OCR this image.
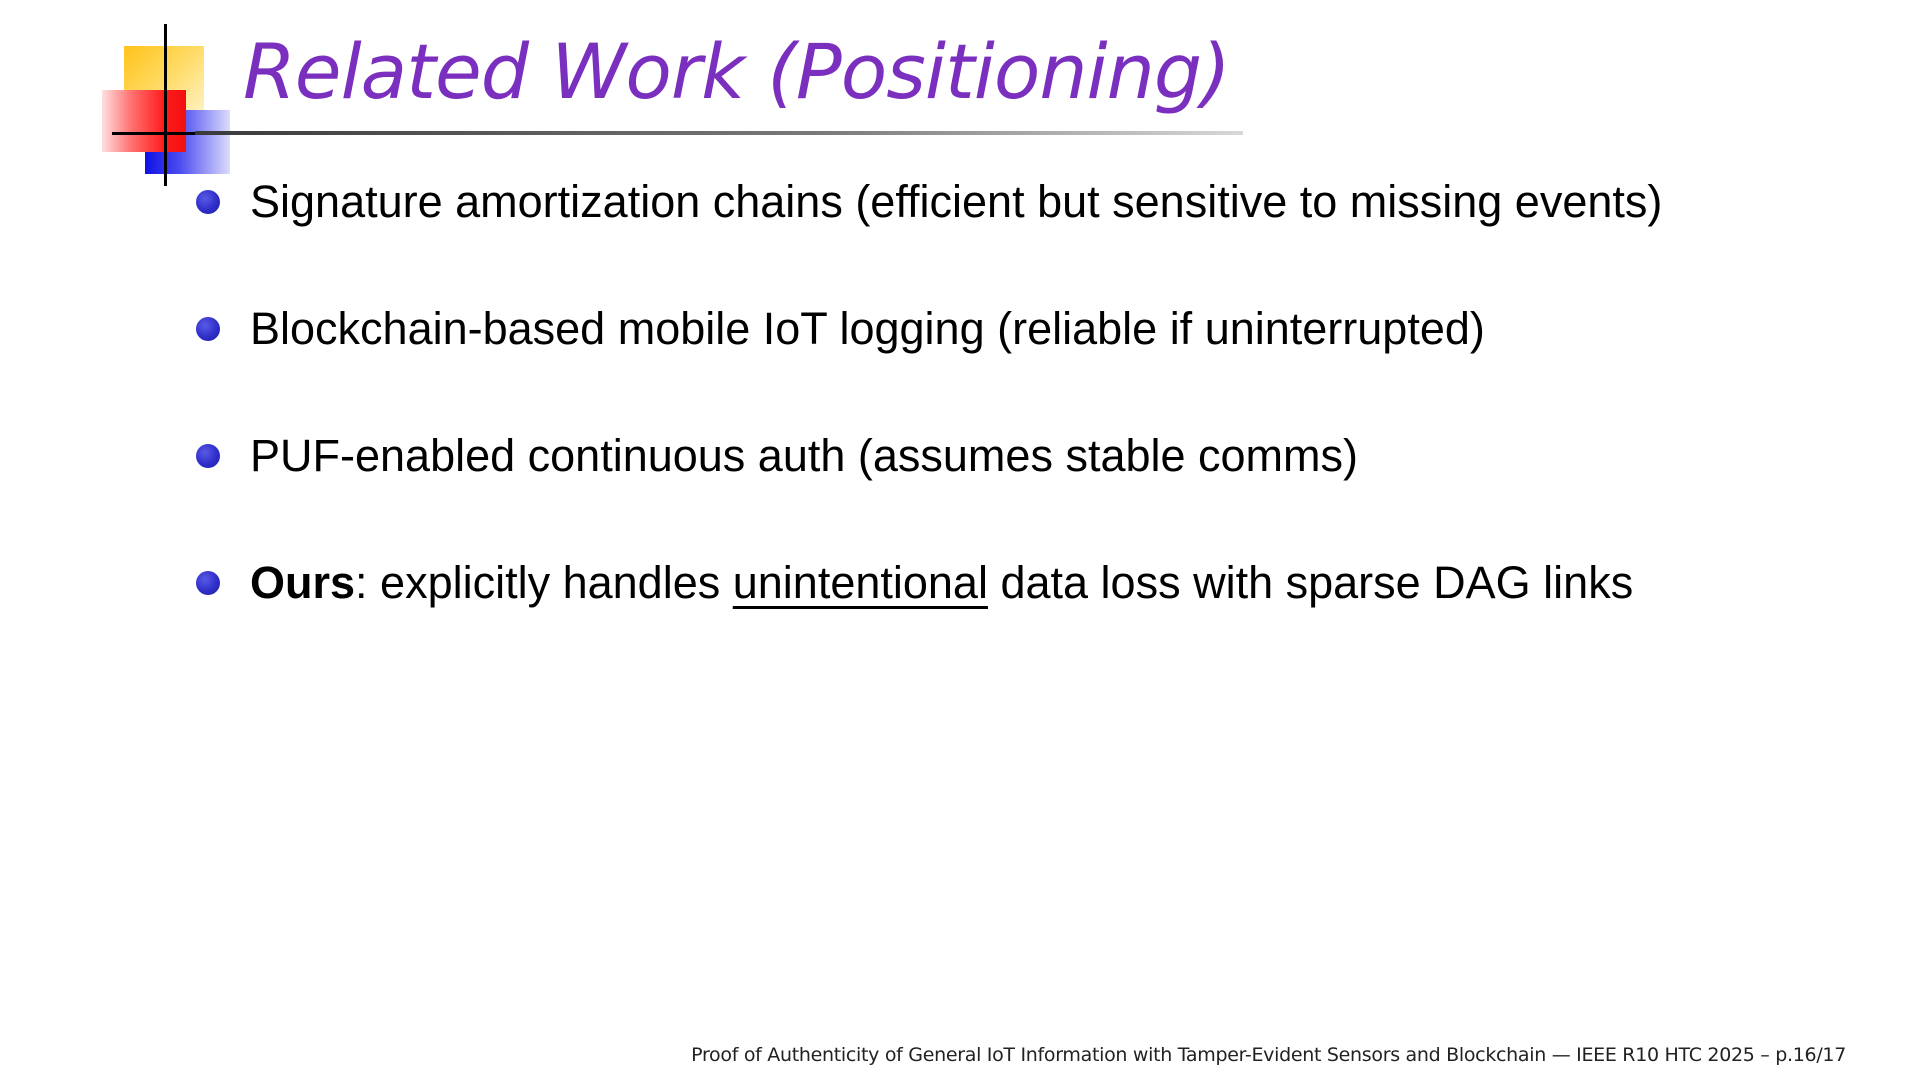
Related Work (Positioning)
Signature amortization chains (efficient but sensitive to missing events)
Blockchain-based mobile IoT logging (reliable if uninterrupted)
PUF-enabled continuous auth (assumes stable comms)
Ours: explicitly handles unintentional data loss with sparse DAG links
Proof of Authenticity of General IoT Information with Tamper-Evident Sensors and Blockchain — IEEE R10 HTC 2025 – p.16/17
